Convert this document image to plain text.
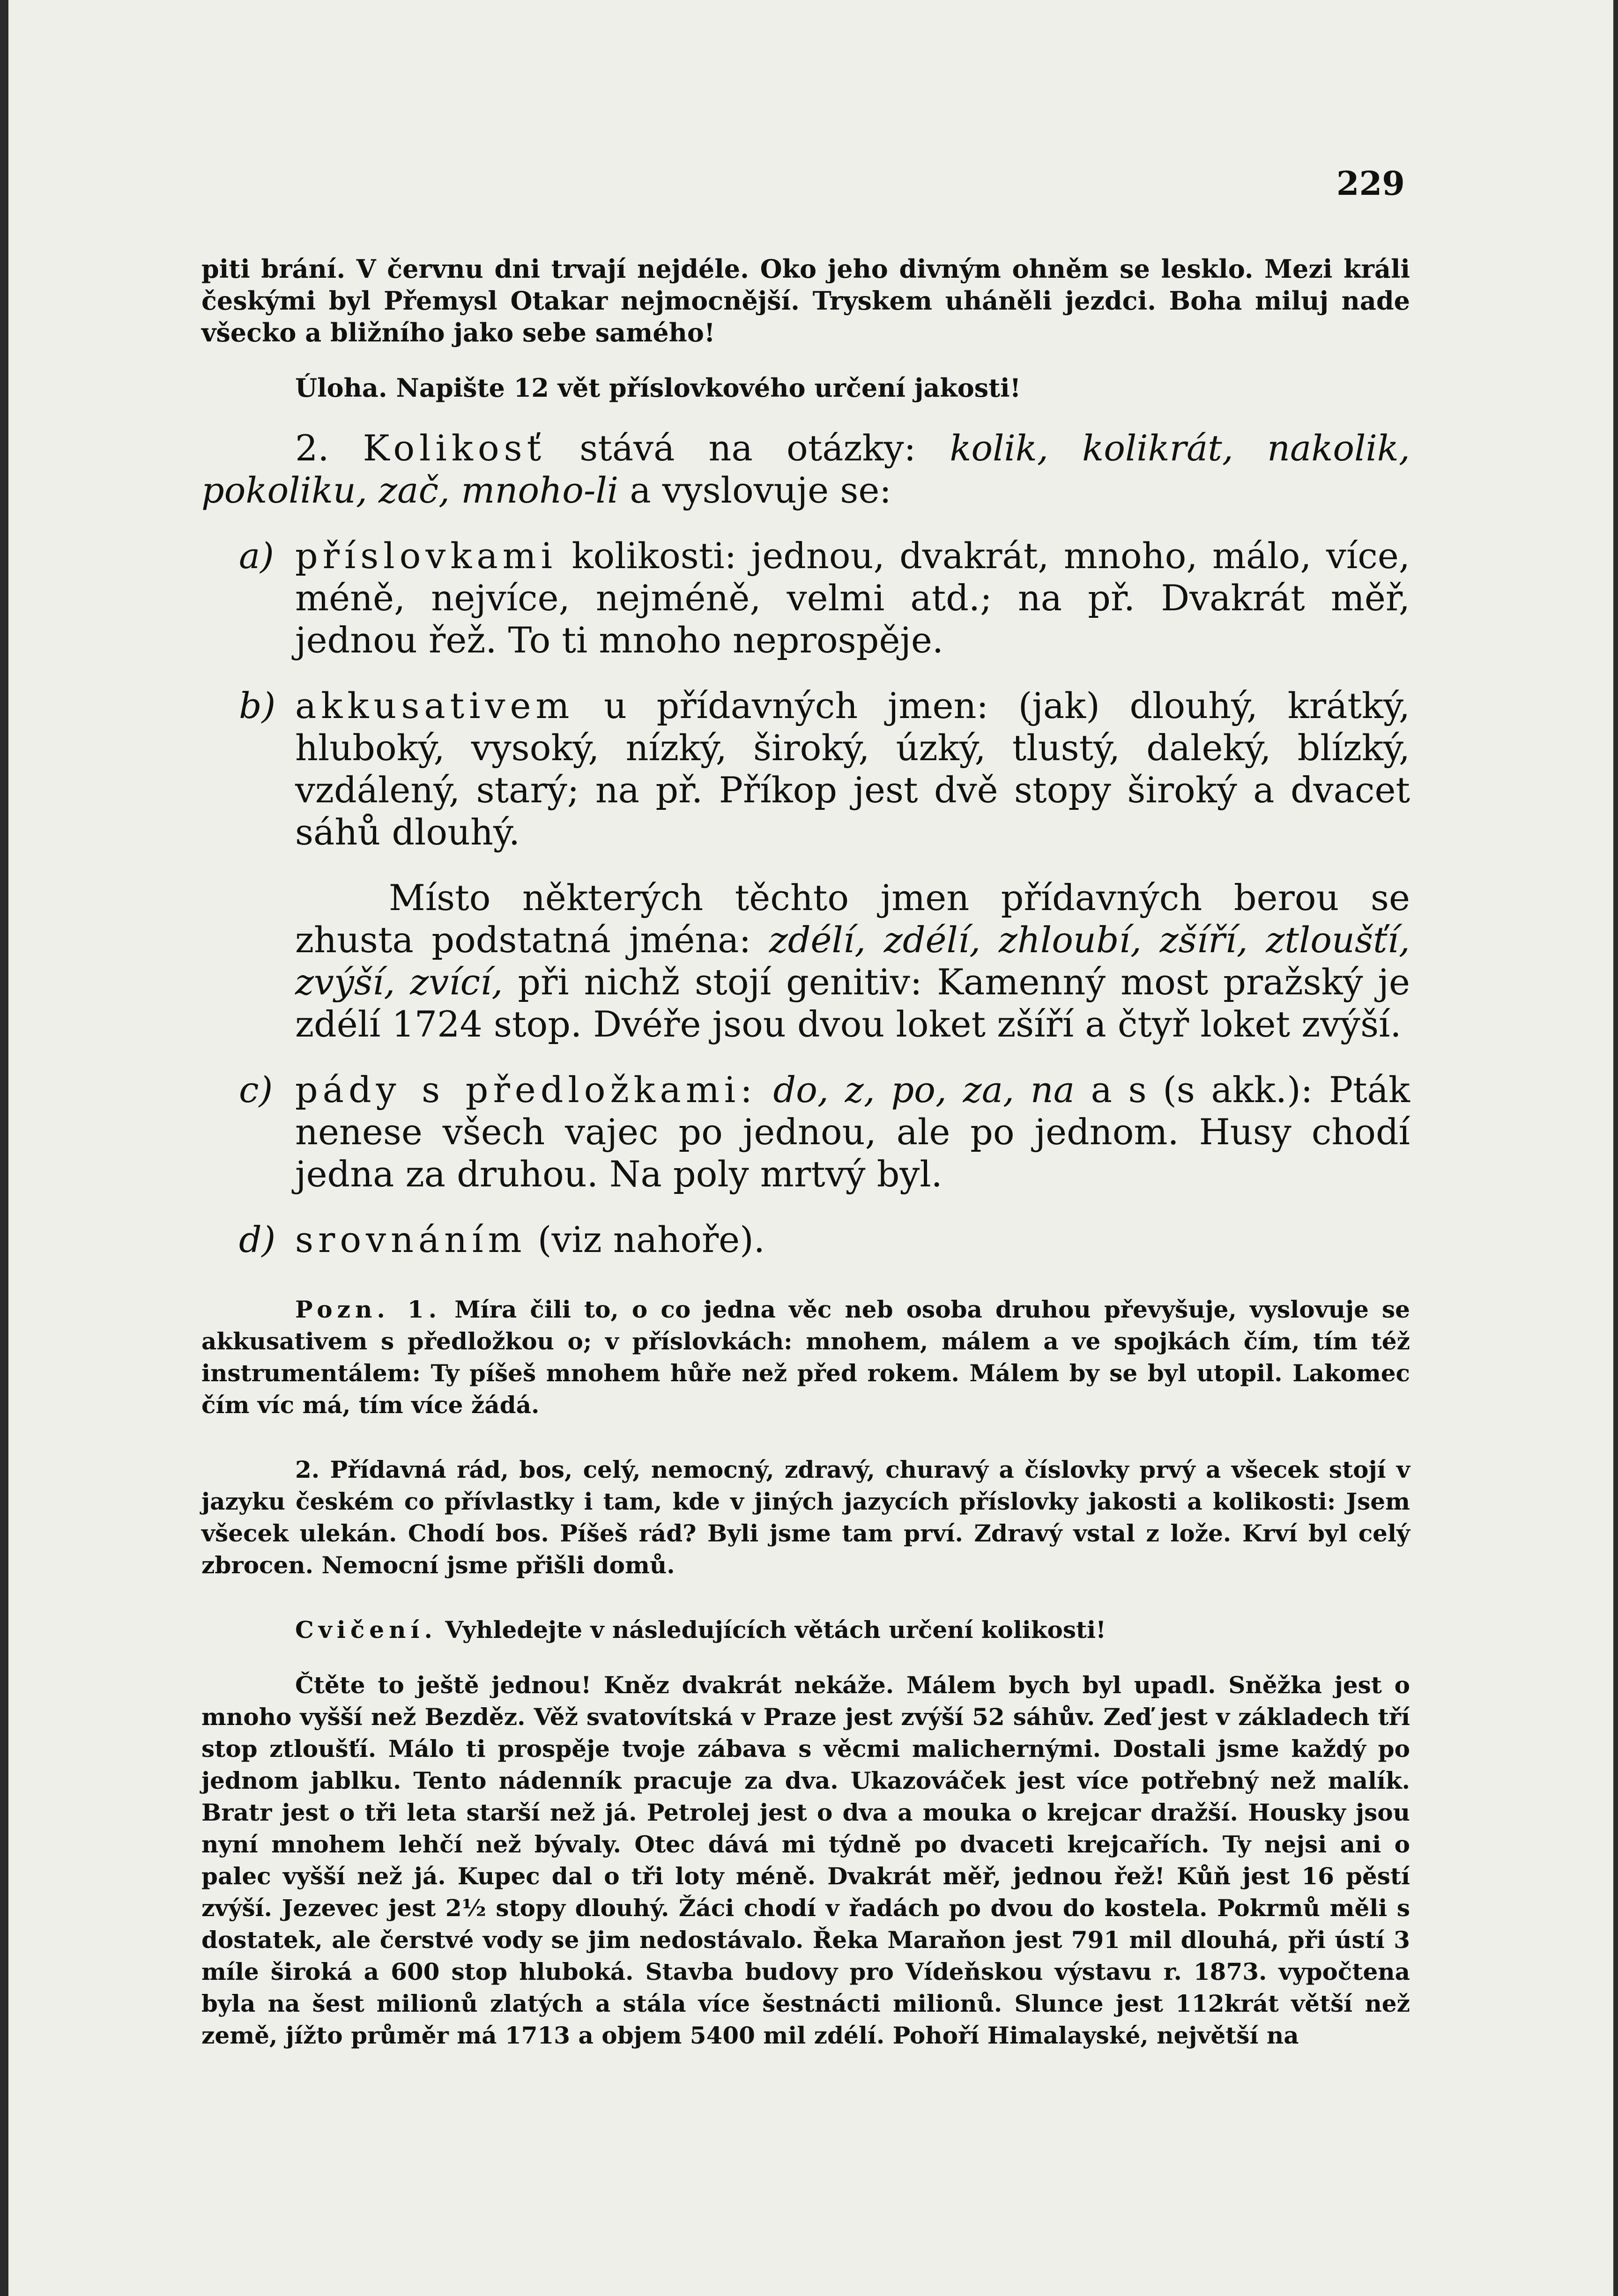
229

piti brání. V červnu dni trvají nejdéle. Oko jeho divným ohněm se lesklo. Mezi králi českými byl Přemysl Otakar nejmocnější. Tryskem uháněli jezdci. Boha miluj nade všecko a bližního jako sebe samého!

Úloha. Napište 12 vět příslovkového určení jakosti!

2. Kolikosť stává na otázky: kolik, kolikrát, nakolik, pokoliku, zač, mnoho-li a vyslovuje se:

a) příslovkami kolikosti: jednou, dvakrát, mnoho, málo, více, méně, nejvíce, nejméně, velmi atd.; na př. Dvakrát měř, jednou řež. To ti mnoho neprospěje.

b) akkusativem u přídavných jmen: (jak) dlouhý, krátký, hluboký, vysoký, nízký, široký, úzký, tlustý, daleký, blízký, vzdálený, starý; na př. Příkop jest dvě stopy široký a dvacet sáhů dlouhý.

Místo některých těchto jmen přídavných berou se zhusta podstatná jména: zdélí, zdélí, zhloubí, zšíří, ztloušťí, zvýší, zvící, při nichž stojí genitiv: Kamenný most pražský je zdélí 1724 stop. Dvéře jsou dvou loket zšíří a čtyř loket zvýší.

c) pády s předložkami: do, z, po, za, na a s (s akk.): Pták nenese všech vajec po jednou, ale po jednom. Husy chodí jedna za druhou. Na poly mrtvý byl.

d) srovnáním (viz nahoře).

Pozn. 1. Míra čili to, o co jedna věc neb osoba druhou převyšuje, vyslovuje se akkusativem s předložkou o; v příslovkách: mnohem, málem a ve spojkách čím, tím též instrumentálem: Ty píšeš mnohem hůře než před rokem. Málem by se byl utopil. Lakomec čím víc má, tím více žádá.

2. Přídavná rád, bos, celý, nemocný, zdravý, churavý a číslovky prvý a všecek stojí v jazyku českém co přívlastky i tam, kde v jiných jazycích příslovky jakosti a kolikosti: Jsem všecek ulekán. Chodí bos. Píšeš rád? Byli jsme tam prví. Zdravý vstal z lože. Krví byl celý zbrocen. Nemocní jsme přišli domů.

Cvičení. Vyhledejte v následujících větách určení kolikosti!

Čtěte to ještě jednou! Kněz dvakrát nekáže. Málem bych byl upadl. Sněžka jest o mnoho vyšší než Bezděz. Věž svatovítská v Praze jest zvýší 52 sáhův. Zeď jest v základech tří stop ztloušťí. Málo ti prospěje tvoje zábava s věcmi malichernými. Dostali jsme každý po jednom jablku. Tento nádenník pracuje za dva. Ukazováček jest více potřebný než malík. Bratr jest o tři leta starší než já. Petrolej jest o dva a mouka o krejcar dražší. Housky jsou nyní mnohem lehčí než bývaly. Otec dává mi týdně po dvaceti krejcařích. Ty nejsi ani o palec vyšší než já. Kupec dal o tři loty méně. Dvakrát měř, jednou řež! Kůň jest 16 pěstí zvýší. Jezevec jest 2½ stopy dlouhý. Žáci chodí v řadách po dvou do kostela. Pokrmů měli s dostatek, ale čerstvé vody se jim nedostávalo. Řeka Maraňon jest 791 mil dlouhá, při ústí 3 míle široká a 600 stop hluboká. Stavba budovy pro Vídeňskou výstavu r. 1873. vypočtena byla na šest milionů zlatých a stála více šestnácti milionů. Slunce jest 112krát větší než země, jížto průměr má 1713 a objem 5400 mil zdélí. Pohoří Himalayské, největší na
